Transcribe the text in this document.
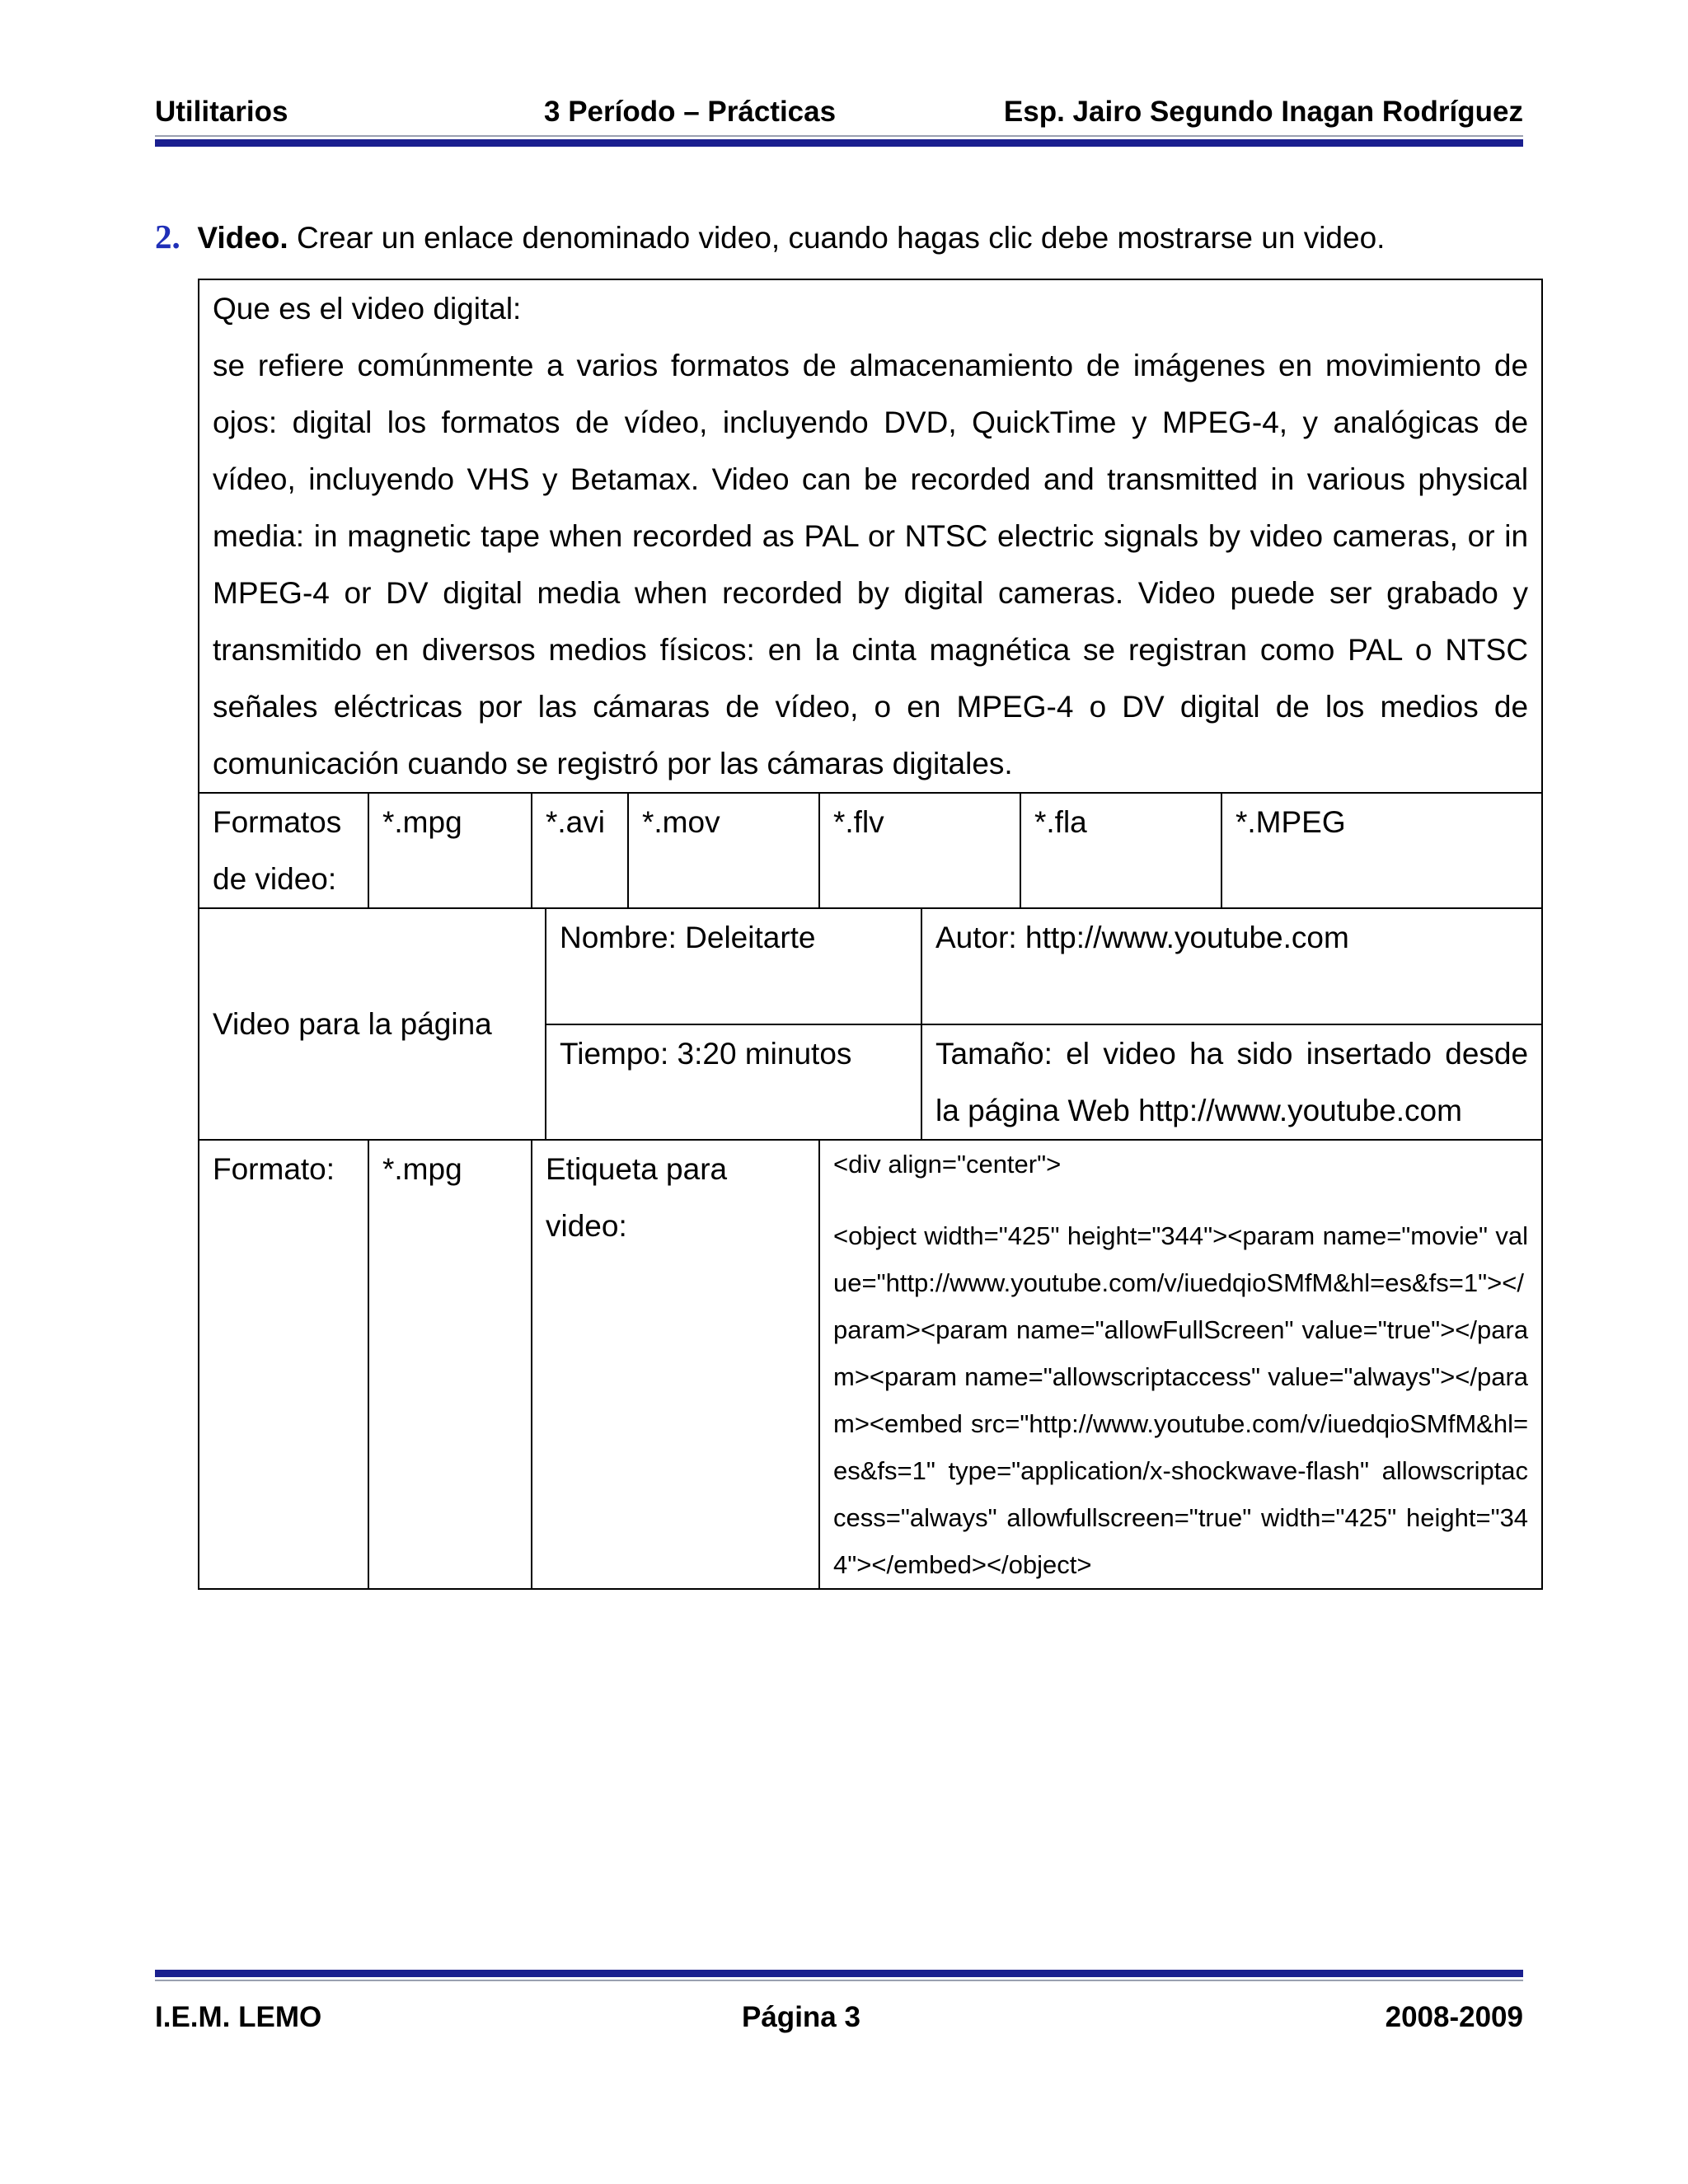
Utilitarios	3 Período – Prácticas	Esp. Jairo Segundo Inagan Rodríguez
2. Video. Crear un enlace denominado video, cuando hagas clic debe mostrarse un video.
Que es el video digital:
se refiere comúnmente a varios formatos de almacenamiento de imágenes en movimiento de ojos: digital los formatos de vídeo, incluyendo DVD, QuickTime y MPEG-4, y analógicas de vídeo, incluyendo VHS y Betamax. Video can be recorded and transmitted in various physical media: in magnetic tape when recorded as PAL or NTSC electric signals by video cameras, or in MPEG-4 or DV digital media when recorded by digital cameras. Video puede ser grabado y transmitido en diversos medios físicos: en la cinta magnética se registran como PAL o NTSC señales eléctricas por las cámaras de vídeo, o en MPEG-4 o DV digital de los medios de comunicación cuando se registró por las cámaras digitales.								

Formatos de video:	*.mpg	*.avi		*.mov	*.flv		*.fla	*.MPEG
Video para la página			Nombre: Deleitarte			Autor: http://www.youtube.com		
			Tiempo: 3:20 minutos			Tamaño: el video ha sido insertado desde la página Web http://www.youtube.com		
Formato:	*.mpg	Etiqueta para video:			<div align="center">

<object width="425" height="344"><param name="movie" value="http://www.youtube.com/v/iuedqioSMfM&hl=es&fs=1"></param><param name="allowFullScreen" value="true"></param><param name="allowscriptaccess" value="always"></param><embed src="http://www.youtube.com/v/iuedqioSMfM&hl=es&fs=1" type="application/x-shockwave-flash" allowscriptaccess="always" allowfullscreen="true" width="425" height="344"></embed></object>			

I.E.M. LEMO	Página 3	2008-2009
